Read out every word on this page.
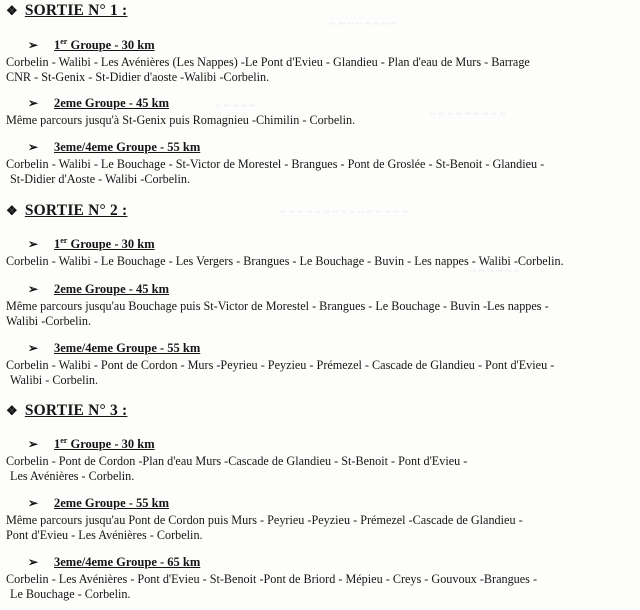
~ ~ ~ ~ ~ ~ ~ ~
~ ~ ~ ~ ~
~ ~ ~ ~ ~ ~ ~ ~ ~
~ ~ ~ ~ ~ ~ ~ ~ ~ ~ ~ ~ ~ ~ ~
~ ~ ~ ~ ~ ~
❖ SORTIE N° 1 :
➢	1er Groupe - 30 km
Corbelin - Walibi - Les Avénières (Les Nappes) -Le Pont d'Evieu - Glandieu - Plan d'eau de Murs - Barrage
CNR - St-Genix - St-Didier d'aoste -Walibi -Corbelin.
➢	2eme Groupe - 45 km
Même parcours jusqu'à St-Genix puis Romagnieu -Chimilin - Corbelin.
➢	3eme/4eme Groupe - 55 km
Corbelin - Walibi - Le Bouchage - St-Victor de Morestel - Brangues - Pont de Groslée - St-Benoit - Glandieu -
St-Didier d'Aoste - Walibi -Corbelin.
❖ SORTIE N° 2 :
➢	1er Groupe - 30 km
Corbelin - Walibi - Le Bouchage - Les Vergers - Brangues - Le Bouchage - Buvin - Les nappes - Walibi -Corbelin.
➢	2eme Groupe - 45 km
Même parcours jusqu'au Bouchage puis St-Victor de Morestel - Brangues - Le Bouchage - Buvin -Les nappes -
Walibi -Corbelin.
➢	3eme/4eme Groupe - 55 km
Corbelin - Walibi - Pont de Cordon - Murs -Peyrieu - Peyzieu - Prémezel - Cascade de Glandieu - Pont d'Evieu -
Walibi - Corbelin.
❖ SORTIE N° 3 :
➢	1er Groupe - 30 km
Corbelin - Pont de Cordon -Plan d'eau Murs -Cascade de Glandieu - St-Benoit - Pont d'Evieu -
Les Avénières - Corbelin.
➢	2eme Groupe - 55 km
Même parcours jusqu'au Pont de Cordon puis Murs - Peyrieu -Peyzieu - Prémezel -Cascade de Glandieu -
Pont d'Evieu - Les Avénières - Corbelin.
➢	3eme/4eme Groupe - 65 km
Corbelin - Les Avénières - Pont d'Evieu - St-Benoit -Pont de Briord - Mépieu - Creys - Gouvoux -Brangues -
Le Bouchage - Corbelin.
